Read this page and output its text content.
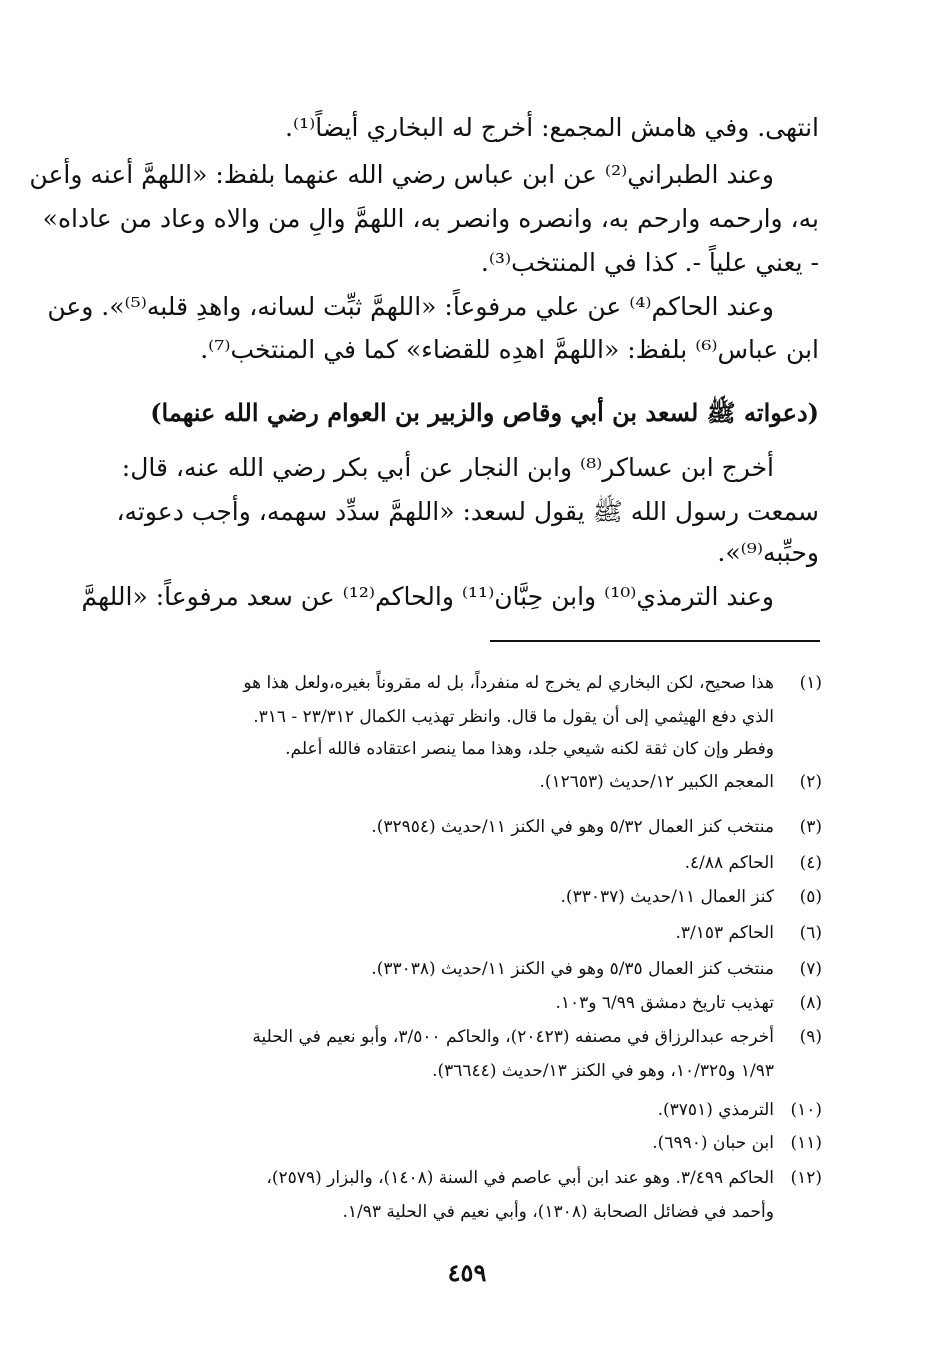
انتهى. وفي هامش المجمع: أخرج له البخاري أيضاً⁽¹⁾.
وعند الطبراني⁽²⁾ عن ابن عباس رضي الله عنهما بلفظ: «اللهمَّ أعنه وأعن
به، وارحمه وارحم به، وانصره وانصر به، اللهمَّ والِ من والاه وعاد من عاداه»
- يعني علياً -. كذا في المنتخب⁽³⁾.
وعند الحاكم⁽⁴⁾ عن علي مرفوعاً: «اللهمَّ ثبِّت لسانه، واهدِ قلبه⁽⁵⁾». وعن
ابن عباس⁽⁶⁾ بلفظ: «اللهمَّ اهدِه للقضاء» كما في المنتخب⁽⁷⁾.
(دعواته ﷺ لسعد بن أبي وقاص والزبير بن العوام رضي الله عنهما)
أخرج ابن عساكر⁽⁸⁾ وابن النجار عن أبي بكر رضي الله عنه، قال:
سمعت رسول الله ﷺ يقول لسعد: «اللهمَّ سدِّد سهمه، وأجب دعوته،
وحبِّبه⁽⁹⁾».
وعند الترمذي⁽¹⁰⁾ وابن حِبَّان⁽¹¹⁾ والحاكم⁽¹²⁾ عن سعد مرفوعاً: «اللهمَّ
(١)
هذا صحيح، لكن البخاري لم يخرج له منفرداً، بل له مقروناً بغيره،ولعل هذا هو
الذي دفع الهيثمي إلى أن يقول ما قال. وانظر تهذيب الكمال ٢٣/٣١٢ - ٣١٦.
وفطر وإن كان ثقة لكنه شيعي جلد، وهذا مما ينصر اعتقاده فالله أعلم.
(٢)
المعجم الكبير ١٢/حديث (١٢٦٥٣).
(٣)
منتخب كنز العمال ٥/٣٢ وهو في الكنز ١١/حديث (٣٢٩٥٤).
(٤)
الحاكم ٤/٨٨.
(٥)
كنز العمال ١١/حديث (٣٣٠٣٧).
(٦)
الحاكم ٣/١٥٣.
(٧)
منتخب كنز العمال ٥/٣٥ وهو في الكنز ١١/حديث (٣٣٠٣٨).
(٨)
تهذيب تاريخ دمشق ٦/٩٩ و١٠٣.
(٩)
أخرجه عبدالرزاق في مصنفه (٢٠٤٢٣)، والحاكم ٣/٥٠٠، وأبو نعيم في الحلية
١/٩٣ و١٠/٣٢٥، وهو في الكنز ١٣/حديث (٣٦٦٤٤).
(١٠)
الترمذي (٣٧٥١).
(١١)
ابن حبان (٦٩٩٠).
(١٢)
الحاكم ٣/٤٩٩. وهو عند ابن أبي عاصم في السنة (١٤٠٨)، والبزار (٢٥٧٩)،
وأحمد في فضائل الصحابة (١٣٠٨)، وأبي نعيم في الحلية ١/٩٣.
٤٥٩
